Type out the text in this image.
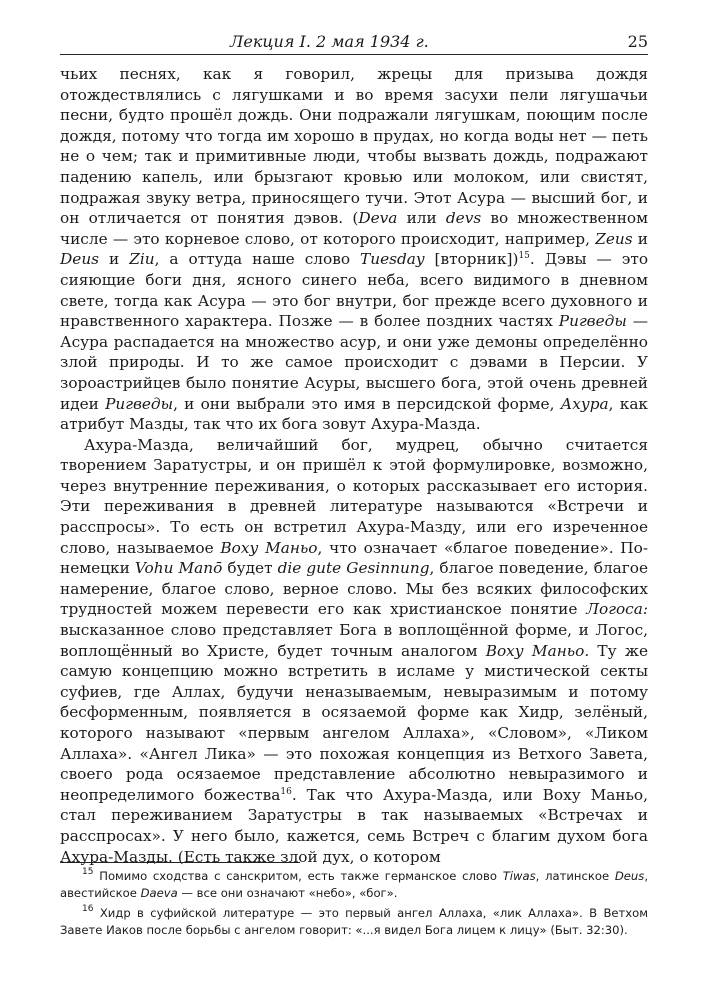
Лекция I. 2 мая 1934 г.	25

чьих песнях, как я говорил, жрецы для призыва дождя отождествлялись с лягушками и во время засухи пели лягушачьи песни, будто прошёл дождь. Они подражали лягушкам, поющим после дождя, потому что тогда им хорошо в прудах, но когда воды нет — петь не о чем; так и примитивные люди, чтобы вызвать дождь, подражают падению капель, или брызгают кровью или молоком, или свистят, подражая звуку ветра, приносящего тучи. Этот Асура — высший бог, и он отличается от понятия дэвов. (Deva или devs во множественном числе — это корневое слово, от которого происходит, например, Zeus и Deus и Ziu, а оттуда наше слово Tuesday [вторник])$^{15}$. Дэвы — это сияющие боги дня, ясного синего неба, всего видимого в дневном свете, тогда как Асура — это бог внутри, бог прежде всего духовного и нравственного характера. Позже — в более поздних частях Ригведы — Асура распадается на множество асур, и они уже демоны определённо злой природы. И то же самое происходит с дэвами в Персии. У зороастрийцев было понятие Асуры, высшего бога, этой очень древней идеи Ригведы, и они выбрали это имя в персидской форме, Ахура, как атрибут Мазды, так что их бога зовут Ахура-Мазда.

Ахура-Мазда, величайший бог, мудрец, обычно считается творением Заратустры, и он пришёл к этой формулировке, возможно, через внутренние переживания, о которых рассказывает его история. Эти переживания в древней литературе называются «Встречи и расспросы». То есть он встретил Ахура-Мазду, или его изреченное слово, называемое Воху Маньо, что означает «благое поведение». По-немецки Vohu Manō будет die gute Gesinnung, благое поведение, благое намерение, благое слово, верное слово. Мы без всяких философских трудностей можем перевести его как христианское понятие Логоса: высказанное слово представляет Бога в воплощённой форме, и Логос, воплощённый во Христе, будет точным аналогом Воху Маньо. Ту же самую концепцию можно встретить в исламе у мистической секты суфиев, где Аллах, будучи неназываемым, невыразимым и потому бесформенным, появляется в осязаемой форме как Хидр, зелёный, которого называют «первым ангелом Аллаха», «Словом», «Ликом Аллаха». «Ангел Лика» — это похожая концепция из Ветхого Завета, своего рода осязаемое представление абсолютно невыразимого и неопределимого божества$^{16}$. Так что Ахура-Мазда, или Воху Маньо, стал переживанием Заратустры в так называемых «Встречах и расспросах». У него было, кажется, семь Встреч с благим духом бога Ахура-Мазды. (Есть также злой дух, о котором

$^{15}$ Помимо сходства с санскритом, есть также германское слово Tiwas, латинское Deus, авестийское Daeva — все они означают «небо», «бог».

$^{16}$ Хидр в суфийской литературе — это первый ангел Аллаха, «лик Аллаха». В Ветхом Завете Иаков после борьбы с ангелом говорит: «...я видел Бога лицем к лицу» (Быт. 32:30).
